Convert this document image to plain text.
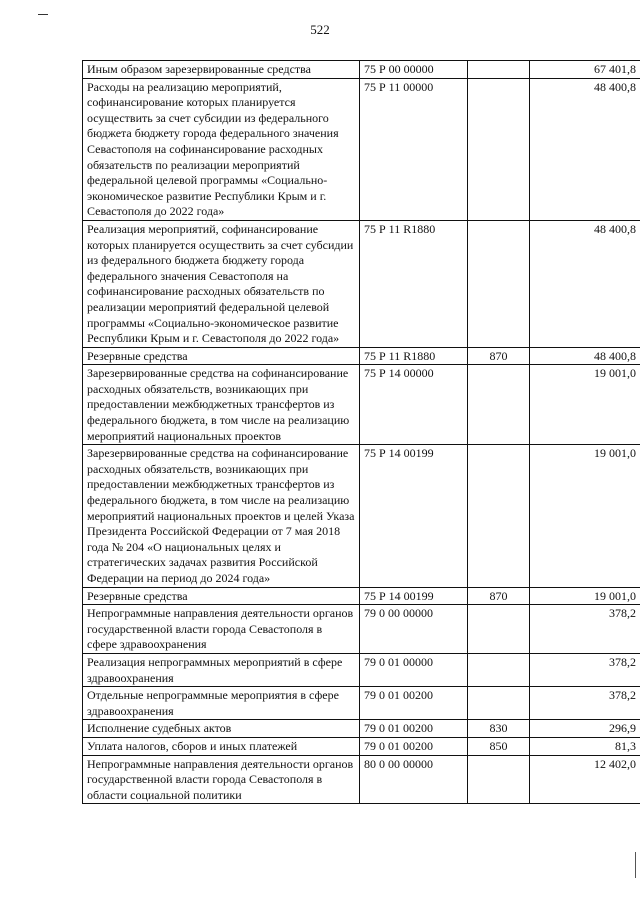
522
Иным образом зарезервированные средства	75 Р 00 00000		67 401,8
Расходы на реализацию мероприятий, софинансирование которых планируется осуществить за счет субсидии из федерального бюджета бюджету города федерального значения Севастополя на софинансирование расходных обязательств по реализации мероприятий федеральной целевой программы «Социально-экономическое развитие Республики Крым и г. Севастополя до 2022 года»	75 Р 11 00000		48 400,8
Реализация мероприятий, софинансирование которых планируется осуществить за счет субсидии из федерального бюджета бюджету города федерального значения Севастополя на софинансирование расходных обязательств по реализации мероприятий федеральной целевой программы «Социально-экономическое развитие Республики Крым и г. Севастополя до 2022 года»	75 Р 11 R1880		48 400,8
Резервные средства	75 Р 11 R1880	870	48 400,8
Зарезервированные средства на софинансирование расходных обязательств, возникающих при предоставлении межбюджетных трансфертов из федерального бюджета, в том числе на реализацию мероприятий национальных проектов	75 Р 14 00000		19 001,0
Зарезервированные средства на софинансирование расходных обязательств, возникающих при предоставлении межбюджетных трансфертов из федерального бюджета, в том числе на реализацию мероприятий национальных проектов и целей Указа Президента Российской Федерации от 7 мая 2018 года № 204 «О национальных целях и стратегических задачах развития Российской Федерации на период до 2024 года»	75 Р 14 00199		19 001,0
Резервные средства	75 Р 14 00199	870	19 001,0
Непрограммные направления деятельности органов государственной власти города Севастополя в сфере здравоохранения	79 0 00 00000		378,2
Реализация непрограммных мероприятий в сфере здравоохранения	79 0 01 00000		378,2
Отдельные непрограммные мероприятия в сфере здравоохранения	79 0 01 00200		378,2
Исполнение судебных актов	79 0 01 00200	830	296,9
Уплата налогов, сборов и иных платежей	79 0 01 00200	850	81,3
Непрограммные направления деятельности органов государственной власти города Севастополя в области социальной политики	80 0 00 00000		12 402,0
